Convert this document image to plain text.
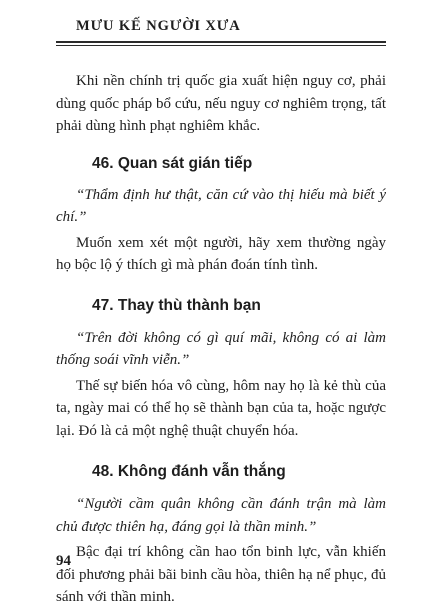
MƯU KẾ NGƯỜI XƯA

Khi nền chính trị quốc gia xuất hiện nguy cơ, phải dùng quốc pháp bổ cứu, nếu nguy cơ nghiêm trọng, tất phải dùng hình phạt nghiêm khắc.

46. Quan sát gián tiếp

“Thẩm định hư thật, căn cứ vào thị hiếu mà biết ý chí.”

Muốn xem xét một người, hãy xem thường ngày họ bộc lộ ý thích gì mà phán đoán tính tình.

47. Thay thù thành bạn

“Trên đời không có gì quí mãi, không có ai làm thống soái vĩnh viễn.”

Thế sự biến hóa vô cùng, hôm nay họ là kẻ thù của ta, ngày mai có thể họ sẽ thành bạn của ta, hoặc ngược lại. Đó là cả một nghệ thuật chuyển hóa.

48. Không đánh vẫn thắng

“Người cầm quân không cần đánh trận mà làm chủ được thiên hạ, đáng gọi là thần minh.”

Bậc đại trí không cần hao tổn binh lực, vẫn khiến đối phương phải bãi binh cầu hòa, thiên hạ nể phục, đủ sánh với thần minh.

94
